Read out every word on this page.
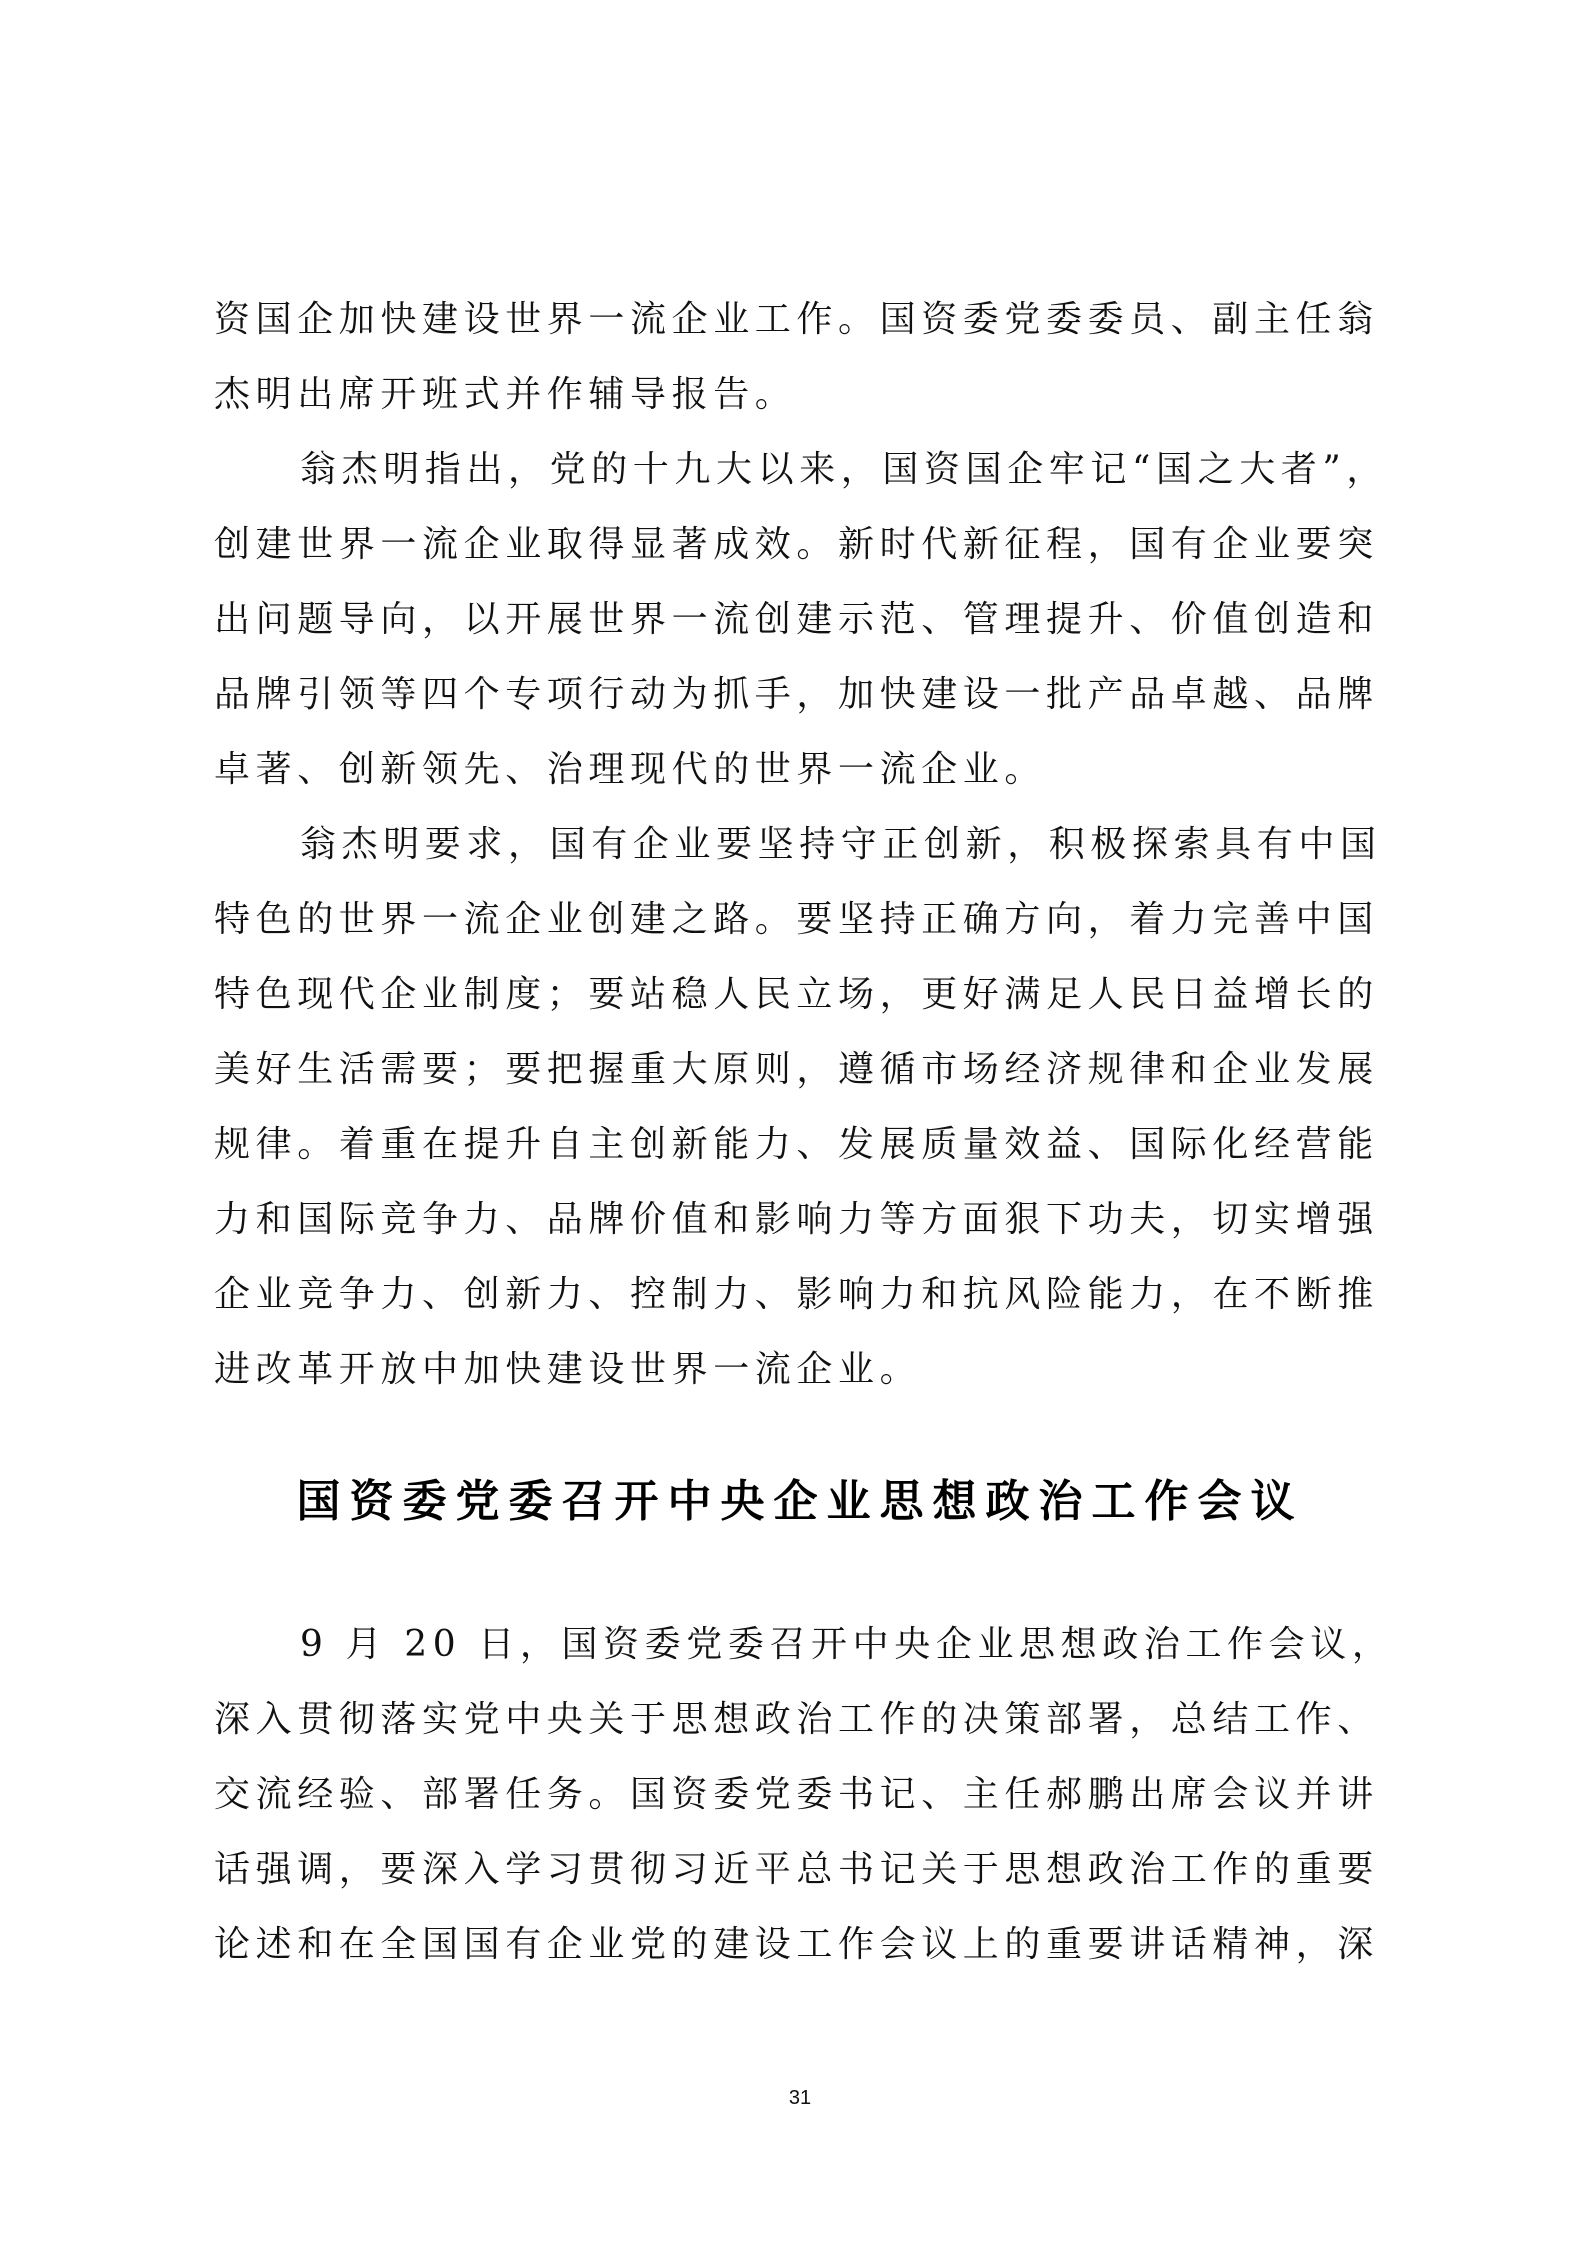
资国企加快建设世界一流企业工作。国资委党委委员、副主任翁
杰明出席开班式并作辅导报告。
翁杰明指出，党的十九大以来，国资国企牢记“国之大者”，
创建世界一流企业取得显著成效。新时代新征程，国有企业要突
出问题导向，以开展世界一流创建示范、管理提升、价值创造和
品牌引领等四个专项行动为抓手，加快建设一批产品卓越、品牌
卓著、创新领先、治理现代的世界一流企业。
翁杰明要求，国有企业要坚持守正创新，积极探索具有中国
特色的世界一流企业创建之路。要坚持正确方向，着力完善中国
特色现代企业制度；要站稳人民立场，更好满足人民日益增长的
美好生活需要；要把握重大原则，遵循市场经济规律和企业发展
规律。着重在提升自主创新能力、发展质量效益、国际化经营能
力和国际竞争力、品牌价值和影响力等方面狠下功夫，切实增强
企业竞争力、创新力、控制力、影响力和抗风险能力，在不断推
进改革开放中加快建设世界一流企业。
国资委党委召开中央企业思想政治工作会议
9 月 20 日，国资委党委召开中央企业思想政治工作会议，
深入贯彻落实党中央关于思想政治工作的决策部署，总结工作、
交流经验、部署任务。国资委党委书记、主任郝鹏出席会议并讲
话强调，要深入学习贯彻习近平总书记关于思想政治工作的重要
论述和在全国国有企业党的建设工作会议上的重要讲话精神，深
31
